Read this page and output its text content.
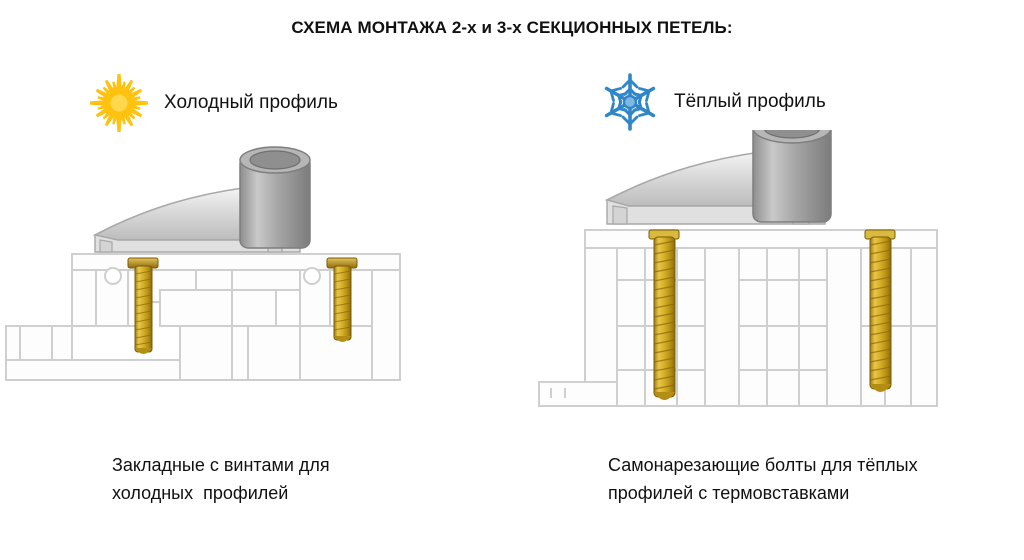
СХЕМА МОНТАЖА 2-х и 3-х СЕКЦИОННЫХ ПЕТЕЛЬ:
Холодный профиль	Тёплый профиль
Закладные с винтами для
холодных  профилей
Самонарезающие болты для тёплых
профилей с термовставками
